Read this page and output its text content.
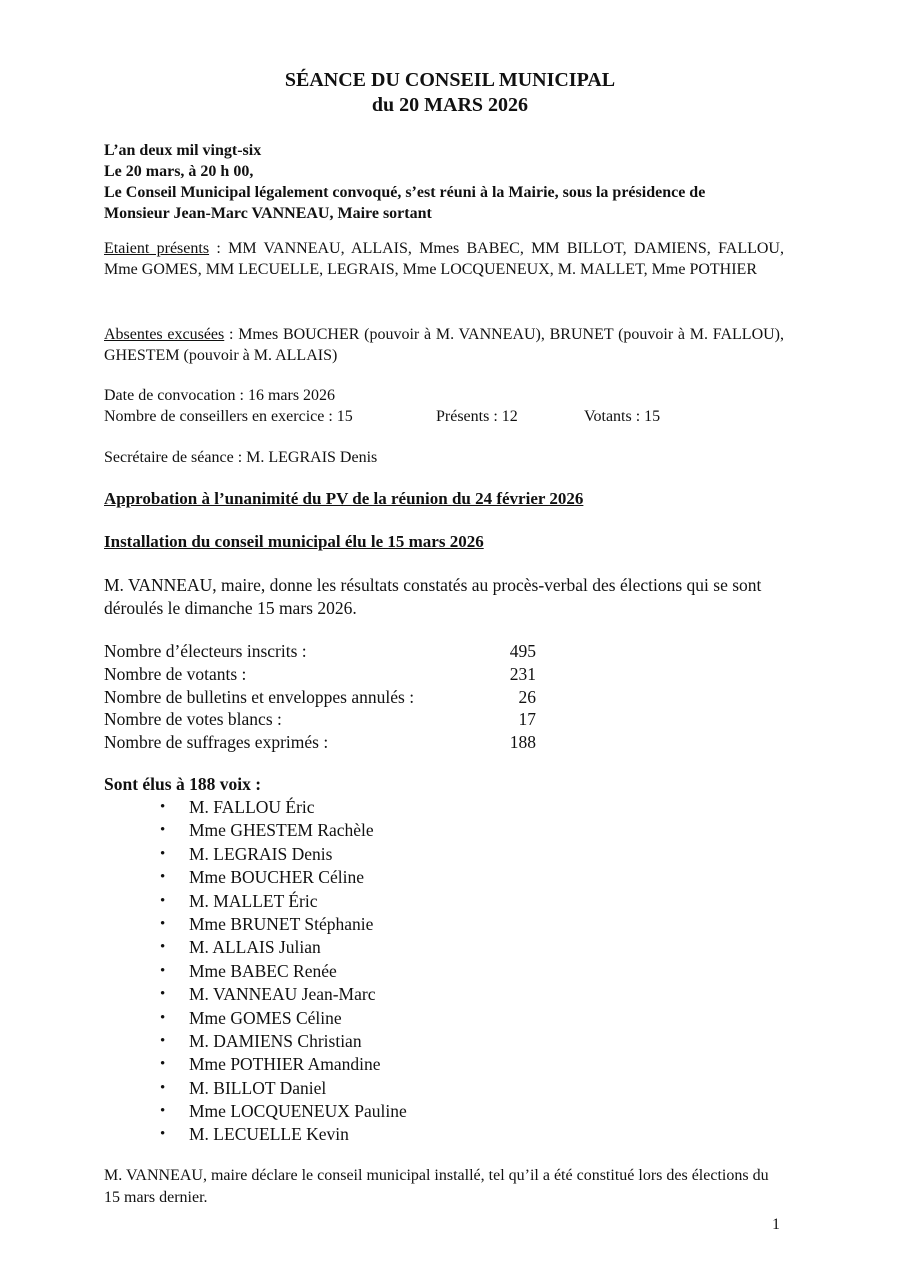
SÉANCE DU CONSEIL MUNICIPAL
du 20 MARS 2026
L’an deux mil vingt-six
Le 20 mars, à 20 h 00,
Le Conseil Municipal légalement convoqué, s’est réuni à la Mairie, sous la présidence de
Monsieur Jean-Marc VANNEAU, Maire sortant
Etaient présents : MM VANNEAU, ALLAIS, Mmes BABEC, MM BILLOT, DAMIENS, FALLOU, Mme GOMES, MM LECUELLE, LEGRAIS, Mme LOCQUENEUX, M. MALLET, Mme POTHIER
Absentes excusées : Mmes BOUCHER (pouvoir à M. VANNEAU), BRUNET (pouvoir à M. FALLOU), GHESTEM (pouvoir à M. ALLAIS)
Date de convocation : 16 mars 2026
Nombre de conseillers en exercice : 15	Présents : 12	Votants : 15
Secrétaire de séance : M. LEGRAIS Denis
Approbation à l’unanimité du PV de la réunion du 24 février 2026
Installation du conseil municipal élu le 15 mars 2026
M. VANNEAU, maire, donne les résultats constatés au procès-verbal des élections qui se sont déroulés le dimanche 15 mars 2026.
Nombre d’électeurs inscrits :	495
Nombre de votants :	231
Nombre de bulletins et enveloppes annulés :	26
Nombre de votes blancs :	17
Nombre de suffrages exprimés :	188
Sont élus à 188 voix :
• M. FALLOU Éric
• Mme GHESTEM Rachèle
• M. LEGRAIS Denis
• Mme BOUCHER Céline
• M. MALLET Éric
• Mme BRUNET Stéphanie
• M. ALLAIS Julian
• Mme BABEC Renée
• M. VANNEAU Jean-Marc
• Mme GOMES Céline
• M. DAMIENS Christian
• Mme POTHIER Amandine
• M. BILLOT Daniel
• Mme LOCQUENEUX Pauline
• M. LECUELLE Kevin
M. VANNEAU, maire déclare le conseil municipal installé, tel qu’il a été constitué lors des élections du 15 mars dernier.
1
